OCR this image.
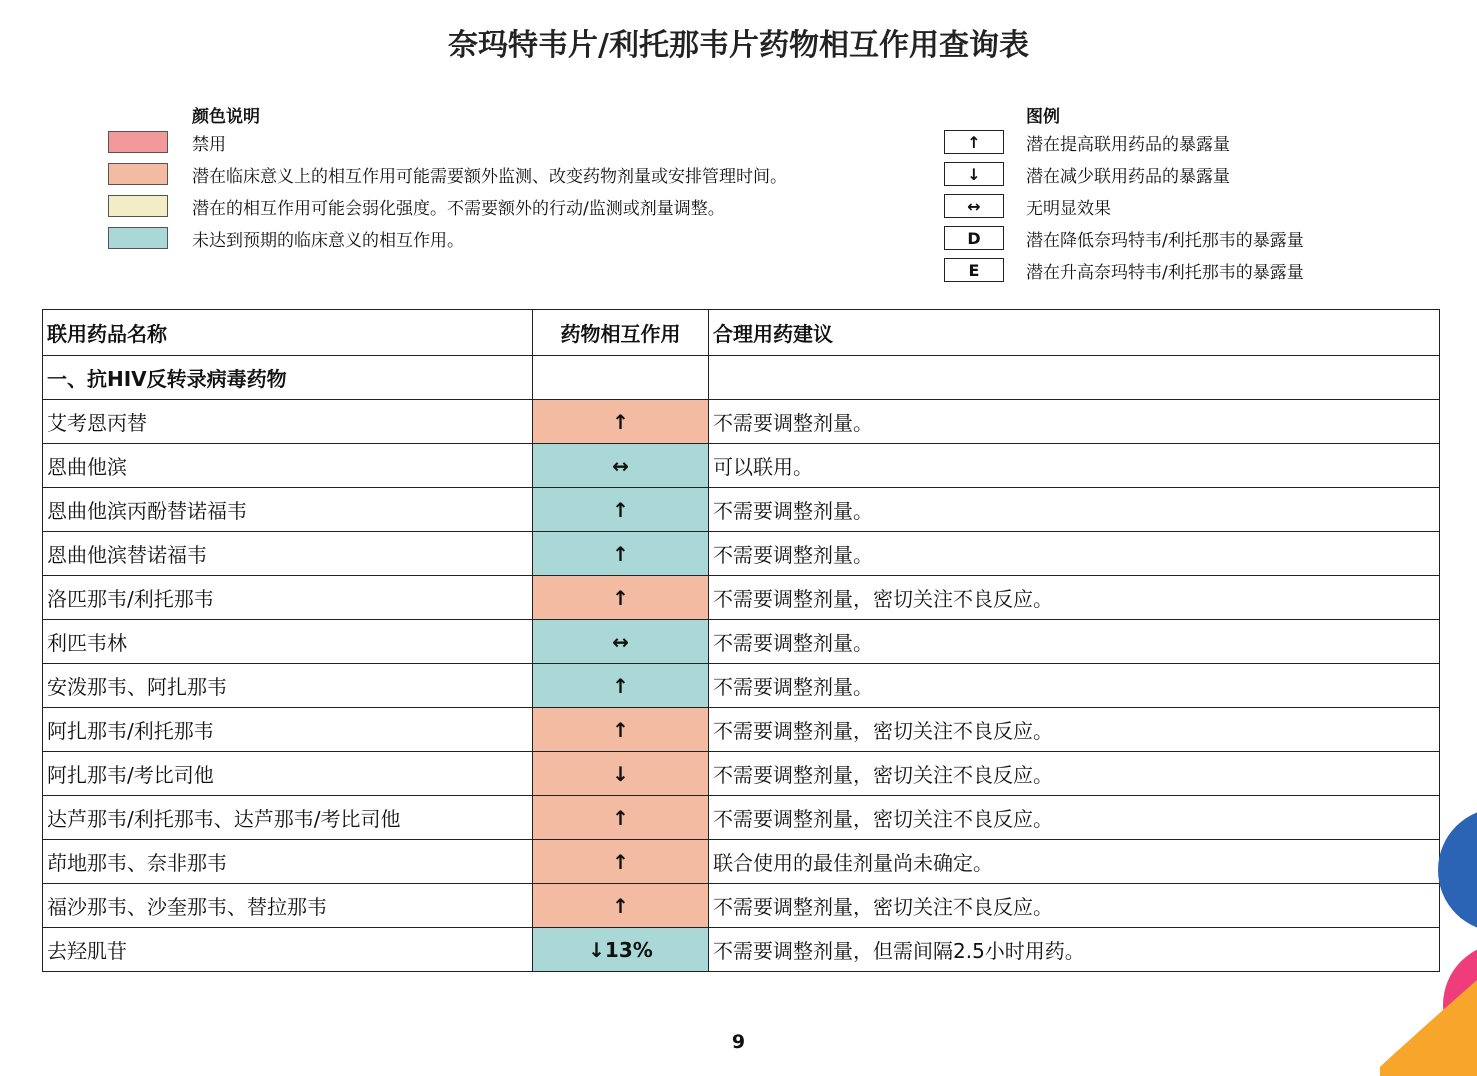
奈玛特韦片/利托那韦片药物相互作用查询表
颜色说明
禁用
潜在临床意义上的相互作用可能需要额外监测、改变药物剂量或安排管理时间。
潜在的相互作用可能会弱化强度。不需要额外的行动/监测或剂量调整。
未达到预期的临床意义的相互作用。
图例
↑	潜在提高联用药品的暴露量
↓	潜在减少联用药品的暴露量
↔	无明显效果
D	潜在降低奈玛特韦/利托那韦的暴露量
E	潜在升高奈玛特韦/利托那韦的暴露量
联用药品名称	药物相互作用	合理用药建议
一、抗HIV反转录病毒药物		
艾考恩丙替	↑	不需要调整剂量。
恩曲他滨	↔	可以联用。
恩曲他滨丙酚替诺福韦	↑	不需要调整剂量。
恩曲他滨替诺福韦	↑	不需要调整剂量。
洛匹那韦/利托那韦	↑	不需要调整剂量，密切关注不良反应。
利匹韦林	↔	不需要调整剂量。
安泼那韦、阿扎那韦	↑	不需要调整剂量。
阿扎那韦/利托那韦	↑	不需要调整剂量，密切关注不良反应。
阿扎那韦/考比司他	↓	不需要调整剂量，密切关注不良反应。
达芦那韦/利托那韦、达芦那韦/考比司他	↑	不需要调整剂量，密切关注不良反应。
茚地那韦、奈非那韦	↑	联合使用的最佳剂量尚未确定。
福沙那韦、沙奎那韦、替拉那韦	↑	不需要调整剂量，密切关注不良反应。
去羟肌苷	↓13%	不需要调整剂量，但需间隔2.5小时用药。
9
